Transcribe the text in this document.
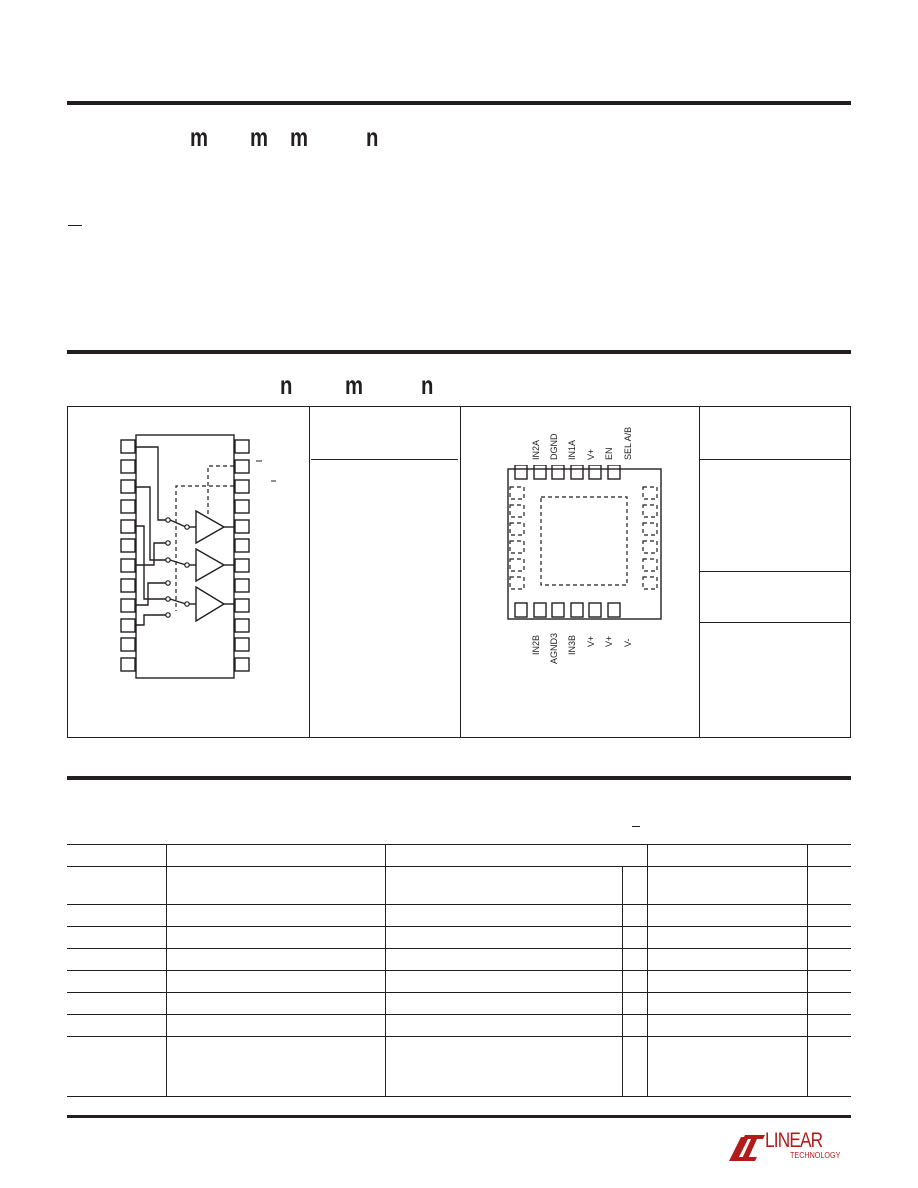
m m m n
n m n
IN2A DGND IN1A V+ EN SEL A/B
IN2B AGND3 IN3B V+ V+ V-
LINEAR
TECHNOLOGY
